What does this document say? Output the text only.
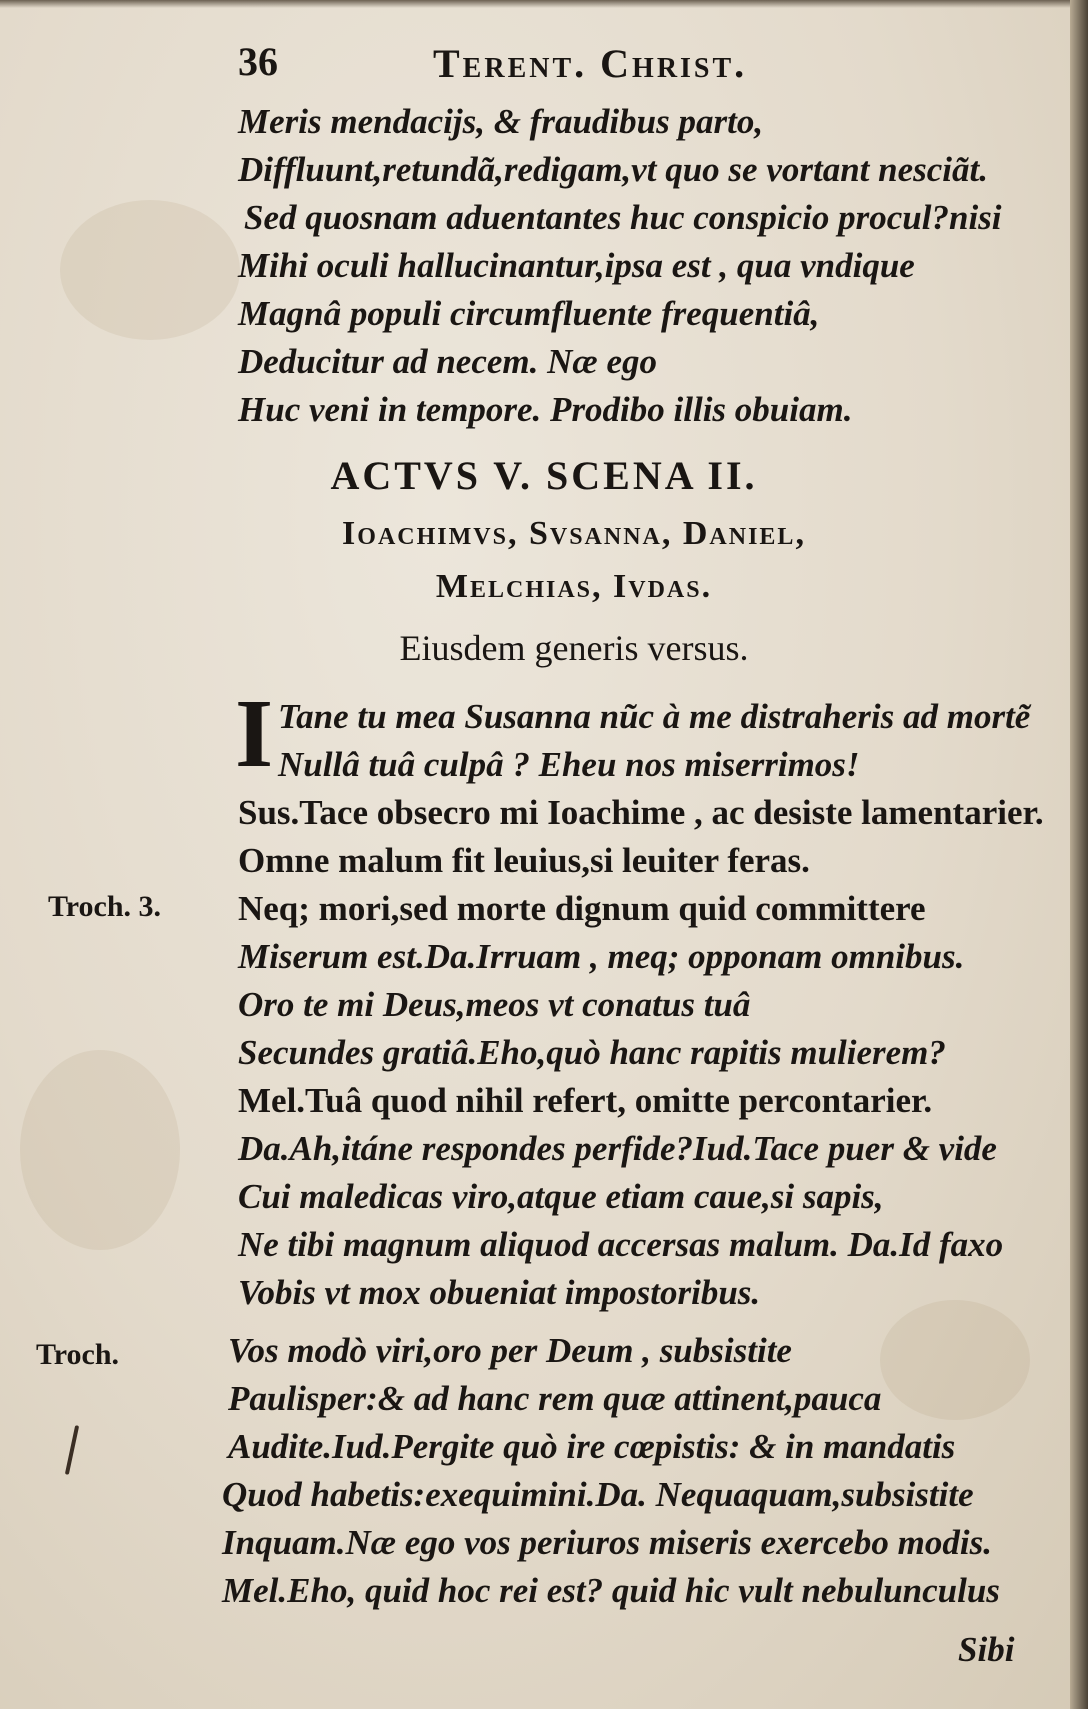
36	Terent. Christ.
Meris mendacijs, & fraudibus parto,
Diffluunt,retundã,redigam,vt quo se vortant nesciãt.
Sed quosnam aduentantes huc conspicio procul?nisi
Mihi oculi hallucinantur,ipsa est , qua vndique
Magnâ populi circumfluente frequentiâ,
Deducitur ad necem. Næ ego
Huc veni in tempore. Prodibo illis obuiam.
ACTVS V. SCENA II.
Ioachimvs, Svsanna, Daniel,
Melchias, Ivdas.
Eiusdem generis versus.
I Tane tu mea Susanna nũc à me distraheris ad mortẽ
Nullâ tuâ culpâ ? Eheu nos miserrimos!
Sus.Tace obsecro mi Ioachime , ac desiste lamentarier.
Omne malum fit leuius,si leuiter feras.
Neq; mori,sed morte dignum quid committere
Miserum est.Da.Irruam , meq; opponam omnibus.
Oro te mi Deus,meos vt conatus tuâ
Secundes gratiâ.Eho,quò hanc rapitis mulierem?
Mel.Tuâ quod nihil refert, omitte percontarier.
Da.Ah,itáne respondes perfide?Iud.Tace puer & vide
Cui maledicas viro,atque etiam caue,si sapis,
Ne tibi magnum aliquod accersas malum. Da.Id faxo
Vobis vt mox obueniat impostoribus.
Vos modò viri,oro per Deum , subsistite
Paulisper:& ad hanc rem quæ attinent,pauca
Audite.Iud.Pergite quò ire cœpistis: & in mandatis
Quod habetis:exequimini.Da. Nequaquam,subsistite
Inquam.Næ ego vos periuros miseris exercebo modis.
Mel.Eho, quid hoc rei est? quid hic vult nebulunculus
Sibi
Troch. 3.
Troch.
